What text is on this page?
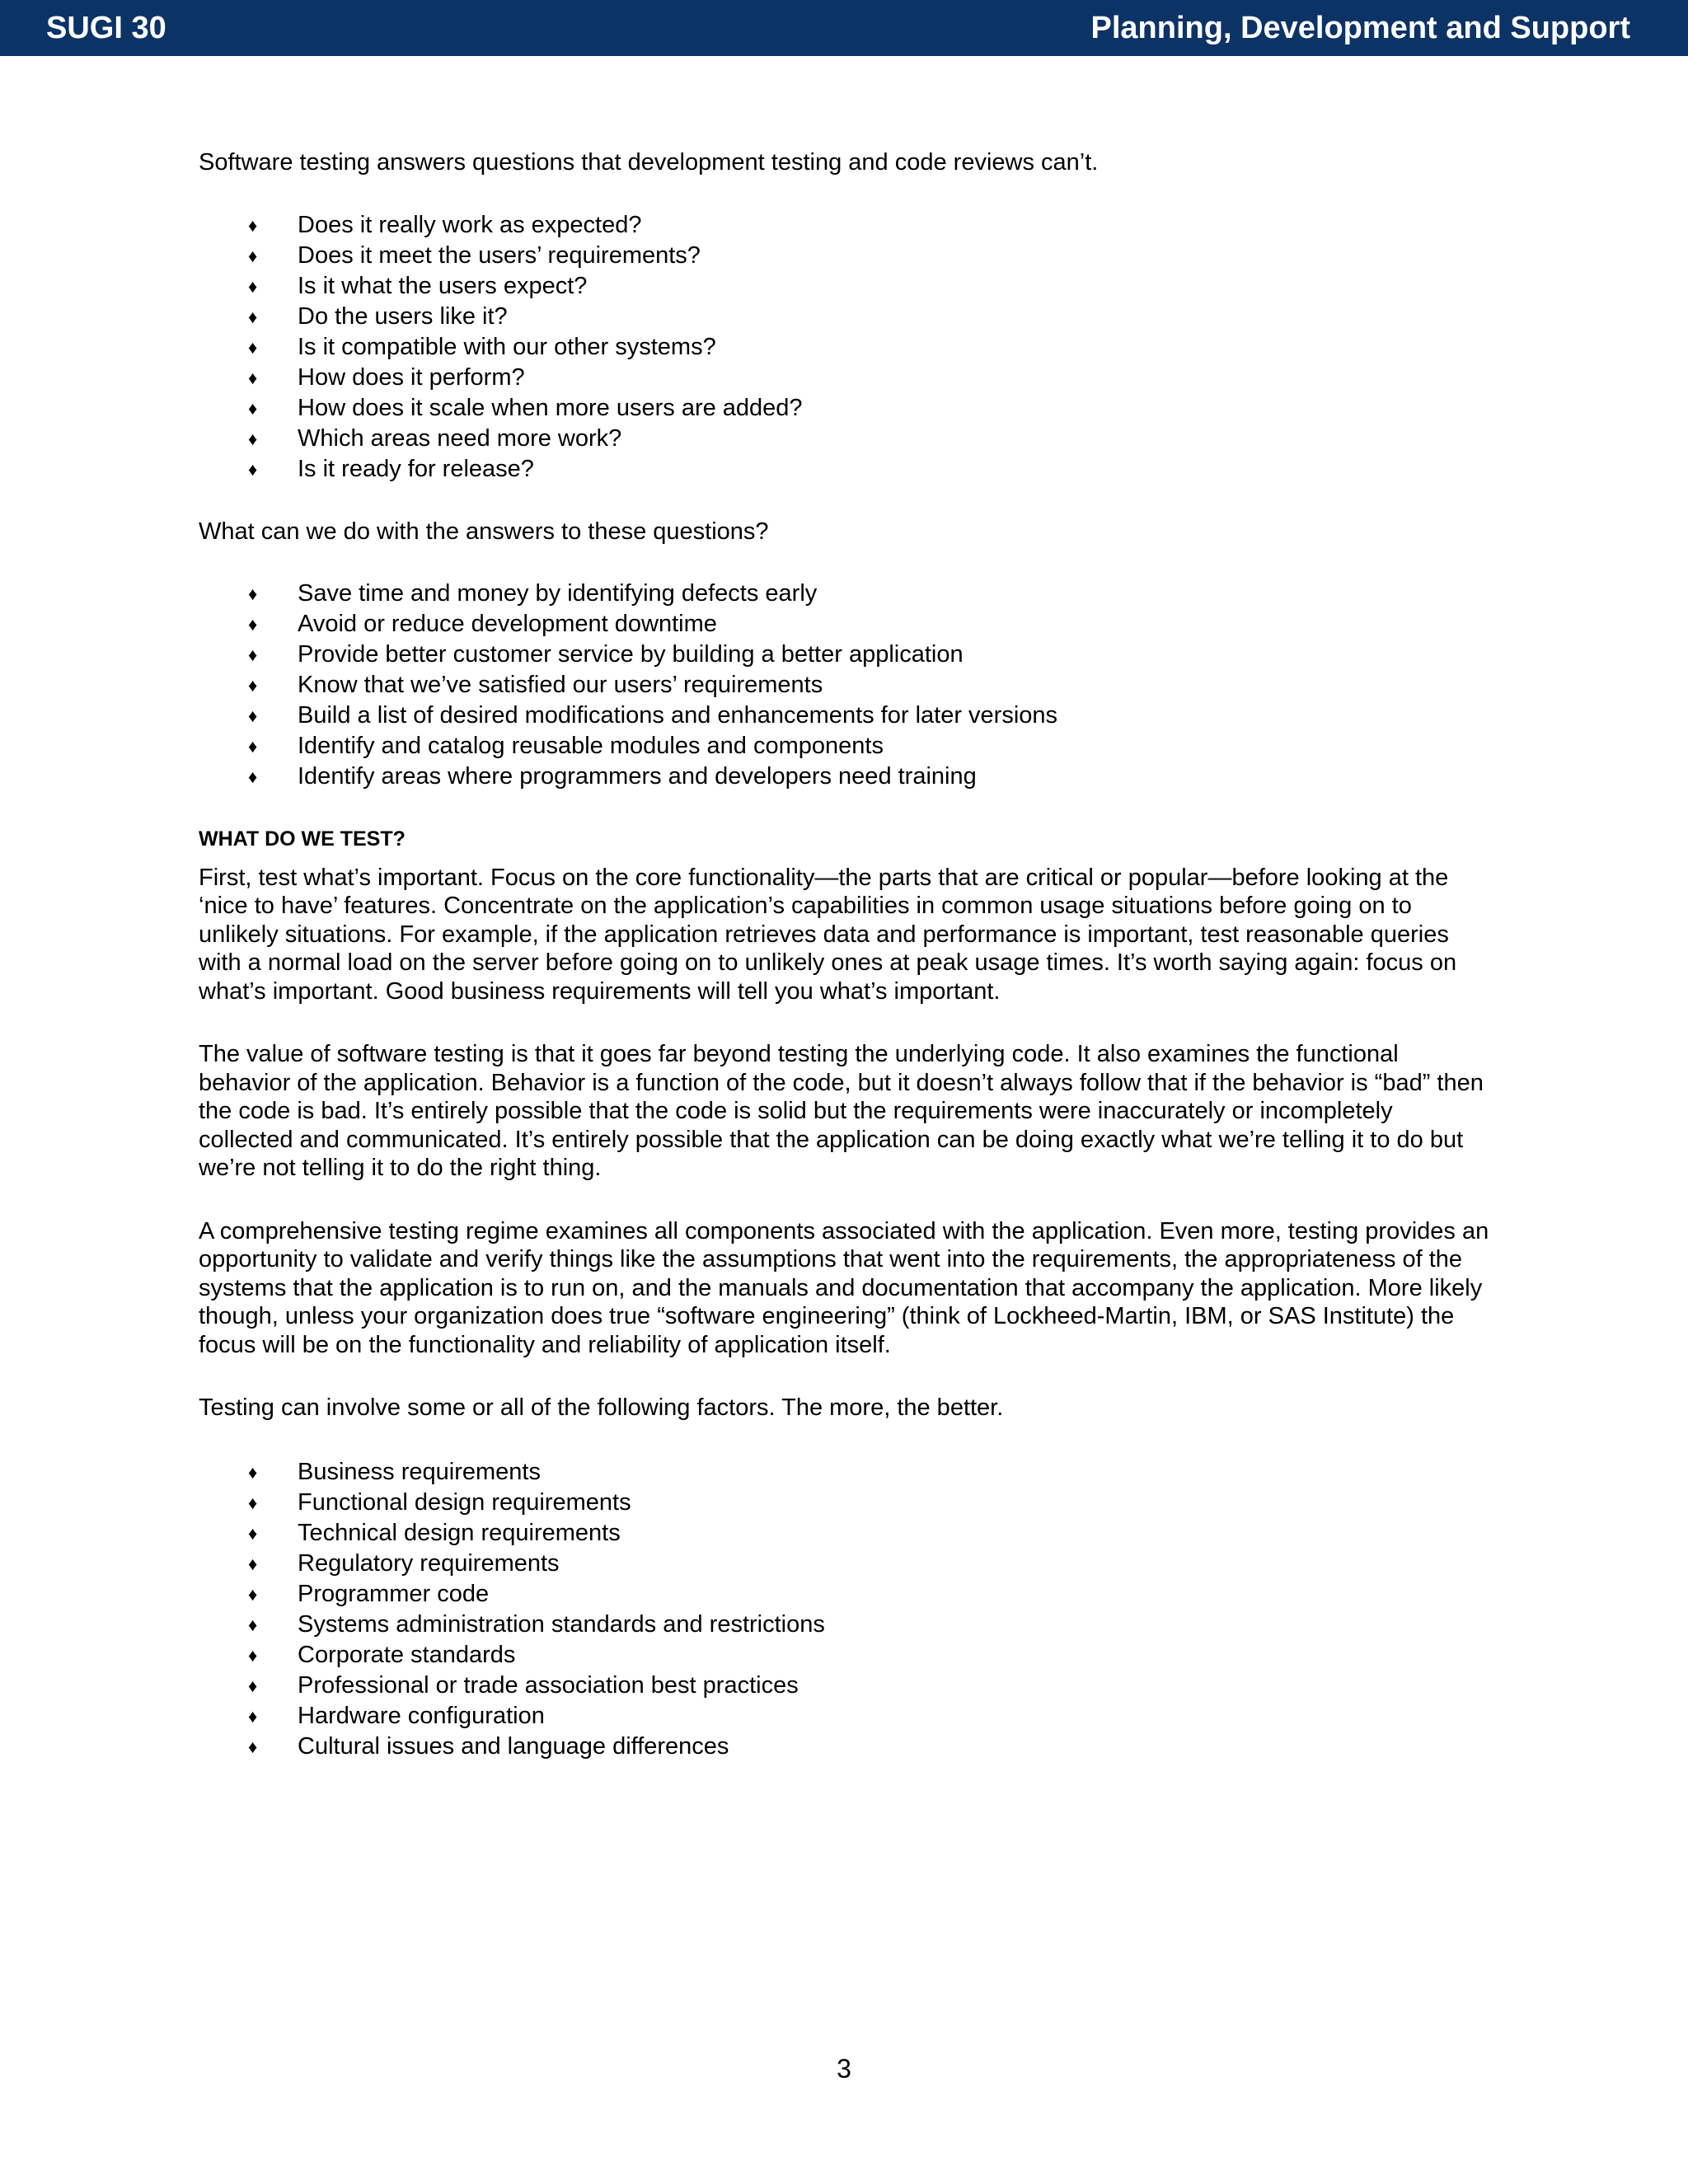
SUGI 30	Planning, Development and Support

Software testing answers questions that development testing and code reviews can’t.

♦ Does it really work as expected?
♦ Does it meet the users’ requirements?
♦ Is it what the users expect?
♦ Do the users like it?
♦ Is it compatible with our other systems?
♦ How does it perform?
♦ How does it scale when more users are added?
♦ Which areas need more work?
♦ Is it ready for release?

What can we do with the answers to these questions?

♦ Save time and money by identifying defects early
♦ Avoid or reduce development downtime
♦ Provide better customer service by building a better application
♦ Know that we’ve satisfied our users’ requirements
♦ Build a list of desired modifications and enhancements for later versions
♦ Identify and catalog reusable modules and components
♦ Identify areas where programmers and developers need training
WHAT DO WE TEST?

First, test what’s important. Focus on the core functionality—the parts that are critical or popular—before looking at the ‘nice to have’ features. Concentrate on the application’s capabilities in common usage situations before going on to unlikely situations. For example, if the application retrieves data and performance is important, test reasonable queries with a normal load on the server before going on to unlikely ones at peak usage times. It’s worth saying again: focus on what’s important. Good business requirements will tell you what’s important.

The value of software testing is that it goes far beyond testing the underlying code. It also examines the functional behavior of the application. Behavior is a function of the code, but it doesn’t always follow that if the behavior is “bad” then the code is bad. It’s entirely possible that the code is solid but the requirements were inaccurately or incompletely collected and communicated. It’s entirely possible that the application can be doing exactly what we’re telling it to do but we’re not telling it to do the right thing.

A comprehensive testing regime examines all components associated with the application. Even more, testing provides an opportunity to validate and verify things like the assumptions that went into the requirements, the appropriateness of the systems that the application is to run on, and the manuals and documentation that accompany the application. More likely though, unless your organization does true “software engineering” (think of Lockheed-Martin, IBM, or SAS Institute) the focus will be on the functionality and reliability of application itself.

Testing can involve some or all of the following factors. The more, the better.

♦ Business requirements
♦ Functional design requirements
♦ Technical design requirements
♦ Regulatory requirements
♦ Programmer code
♦ Systems administration standards and restrictions
♦ Corporate standards
♦ Professional or trade association best practices
♦ Hardware configuration
♦ Cultural issues and language differences
3
